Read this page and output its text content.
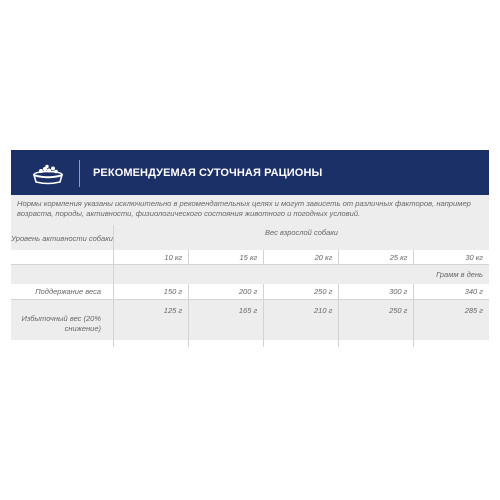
РЕКОМЕНДУЕМАЯ СУТОЧНАЯ РАЦИОНЫ
Нормы кормления указаны исключительно в рекомендательных целях и могут зависеть от различных факторов, например возраста, породы, активности, физиологического состояния животного и погодных условий.
Уровень активности собаки	Вес взрослой собаки				
	10 кг	15 кг	20 кг	25 кг	30 кг
	Грамм в день				
Поддержание веса	150 г	200 г	250 г	300 г	340 г
Избыточный вес (20% снижение)	125 г	165 г	210 г	250 г	285 г
